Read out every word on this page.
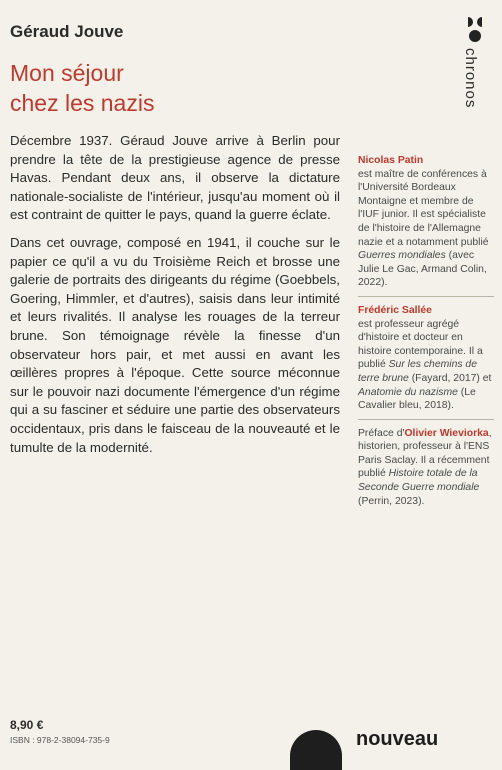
Géraud Jouve
Mon séjour
chez les nazis	chronos

Décembre 1937. Géraud Jouve arrive à Berlin pour prendre la tête de la prestigieuse agence de presse Havas. Pendant deux ans, il observe la dictature nationale-socialiste de l'intérieur, jusqu'au moment où il est contraint de quitter le pays, quand la guerre éclate.

Dans cet ouvrage, composé en 1941, il couche sur le papier ce qu'il a vu du Troisième Reich et brosse une galerie de portraits des dirigeants du régime (Goebbels, Goering, Himmler, et d'autres), saisis dans leur intimité et leurs rivalités. Il analyse les rouages de la terreur brune. Son témoignage révèle la finesse d'un observateur hors pair, et met aussi en avant les œillères propres à l'époque. Cette source méconnue sur le pouvoir nazi documente l'émergence d'un régime qui a su fasciner et séduire une partie des observateurs occidentaux, pris dans le faisceau de la nouveauté et le tumulte de la modernité.

Nicolas Patin
est maître de conférences à l'Université Bordeaux Montaigne et membre de l'IUF junior. Il est spécialiste de l'histoire de l'Allemagne nazie et a notamment publié Guerres mondiales (avec Julie Le Gac, Armand Colin, 2022).
Frédéric Sallée
est professeur agrégé d'histoire et docteur en histoire contemporaine. Il a publié Sur les chemins de terre brune (Fayard, 2017) et Anatomie du nazisme (Le Cavalier bleu, 2018).
Préface d'Olivier Wieviorka, historien, professeur à l'ENS Paris Saclay. Il a récemment publié Histoire totale de la Seconde Guerre mondiale (Perrin, 2023).
8,90 €
ISBN : 978-2-38094-735-9	nouveau
